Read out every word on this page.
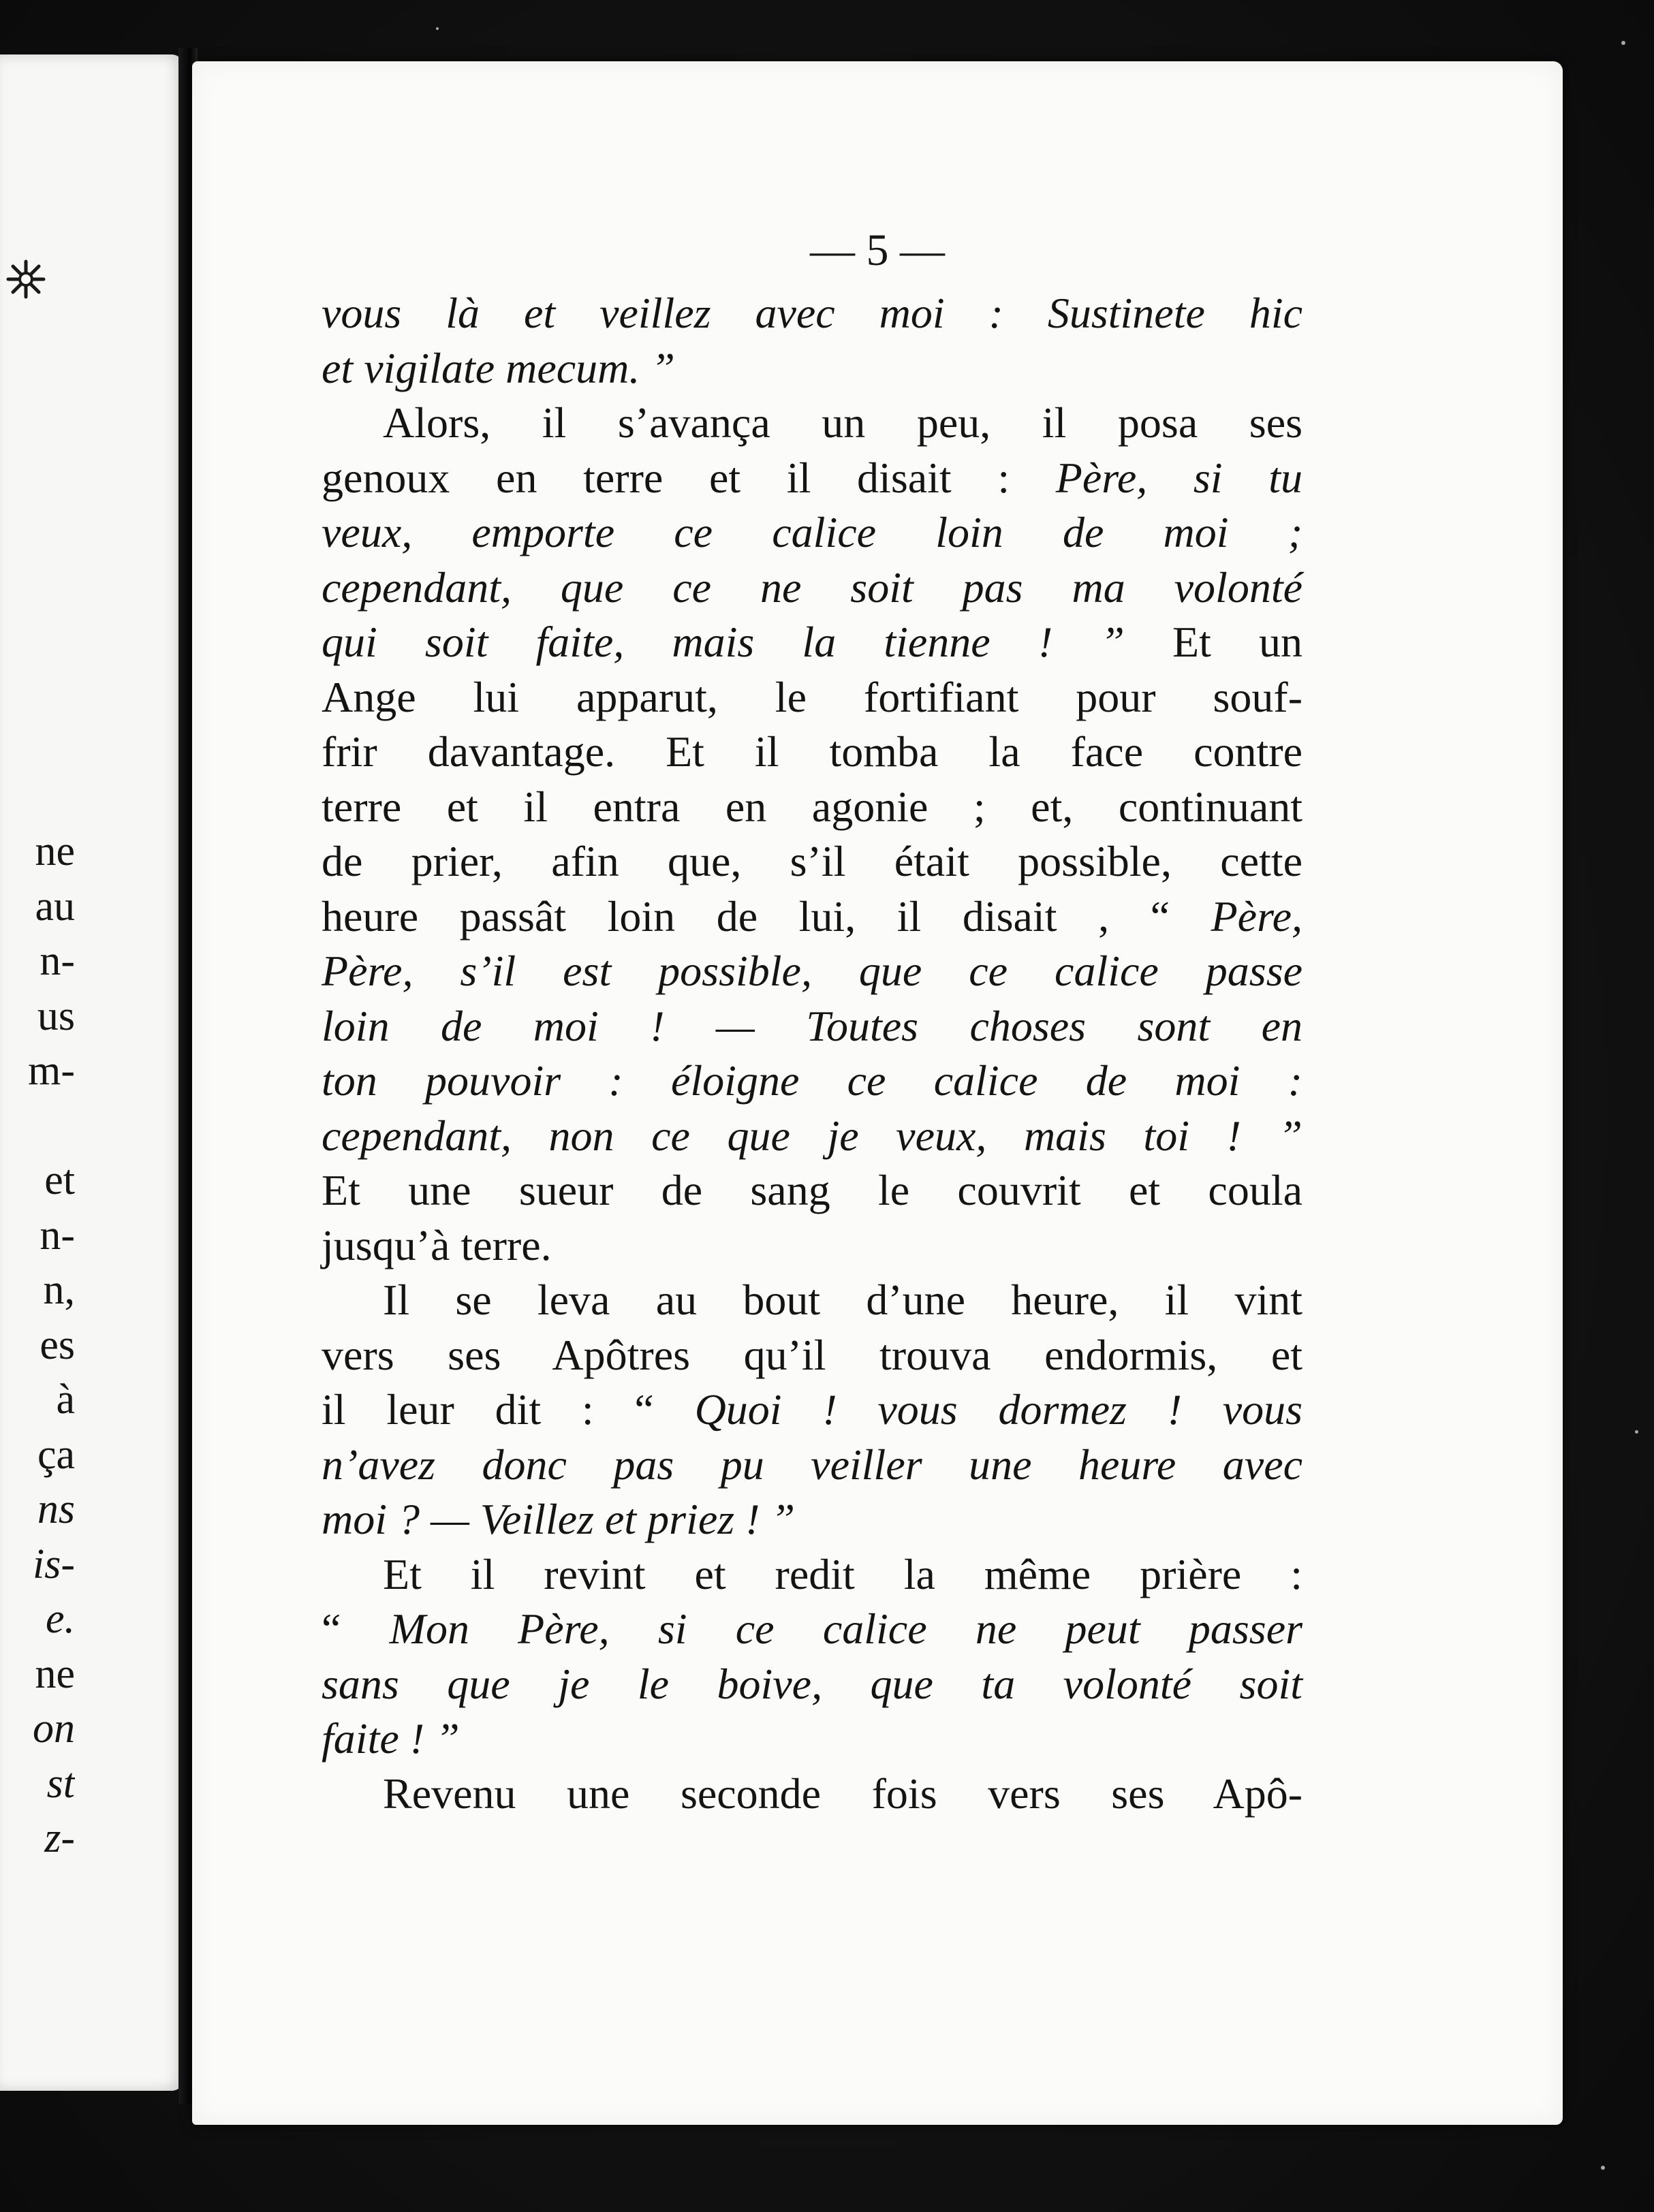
ne
au
n-
us
m-
et
n-
n,
es
à
ça
ns
is-
e.
ne
on
st
z-
— 5 —
vous là et veillez avec moi : Sustinete hic
et vigilate mecum. ”
Alors, il s’avança un peu, il posa ses
genoux en terre et il disait : Père, si tu
veux, emporte ce calice loin de moi ;
cependant, que ce ne soit pas ma volonté
qui soit faite, mais la tienne ! ” Et un
Ange lui apparut, le fortifiant pour souf-
frir davantage. Et il tomba la face contre
terre et il entra en agonie ; et, continuant
de prier, afin que, s’il était possible, cette
heure passât loin de lui, il disait , “ Père,
Père, s’il est possible, que ce calice passe
loin de moi ! — Toutes choses sont en
ton pouvoir : éloigne ce calice de moi :
cependant, non ce que je veux, mais toi ! ”
Et une sueur de sang le couvrit et coula
jusqu’à terre.
Il se leva au bout d’une heure, il vint
vers ses Apôtres qu’il trouva endormis, et
il leur dit : “ Quoi ! vous dormez ! vous
n’avez donc pas pu veiller une heure avec
moi ? — Veillez et priez ! ”
Et il revint et redit la même prière :
“ Mon Père, si ce calice ne peut passer
sans que je le boive, que ta volonté soit
faite ! ”
Revenu une seconde fois vers ses Apô-
